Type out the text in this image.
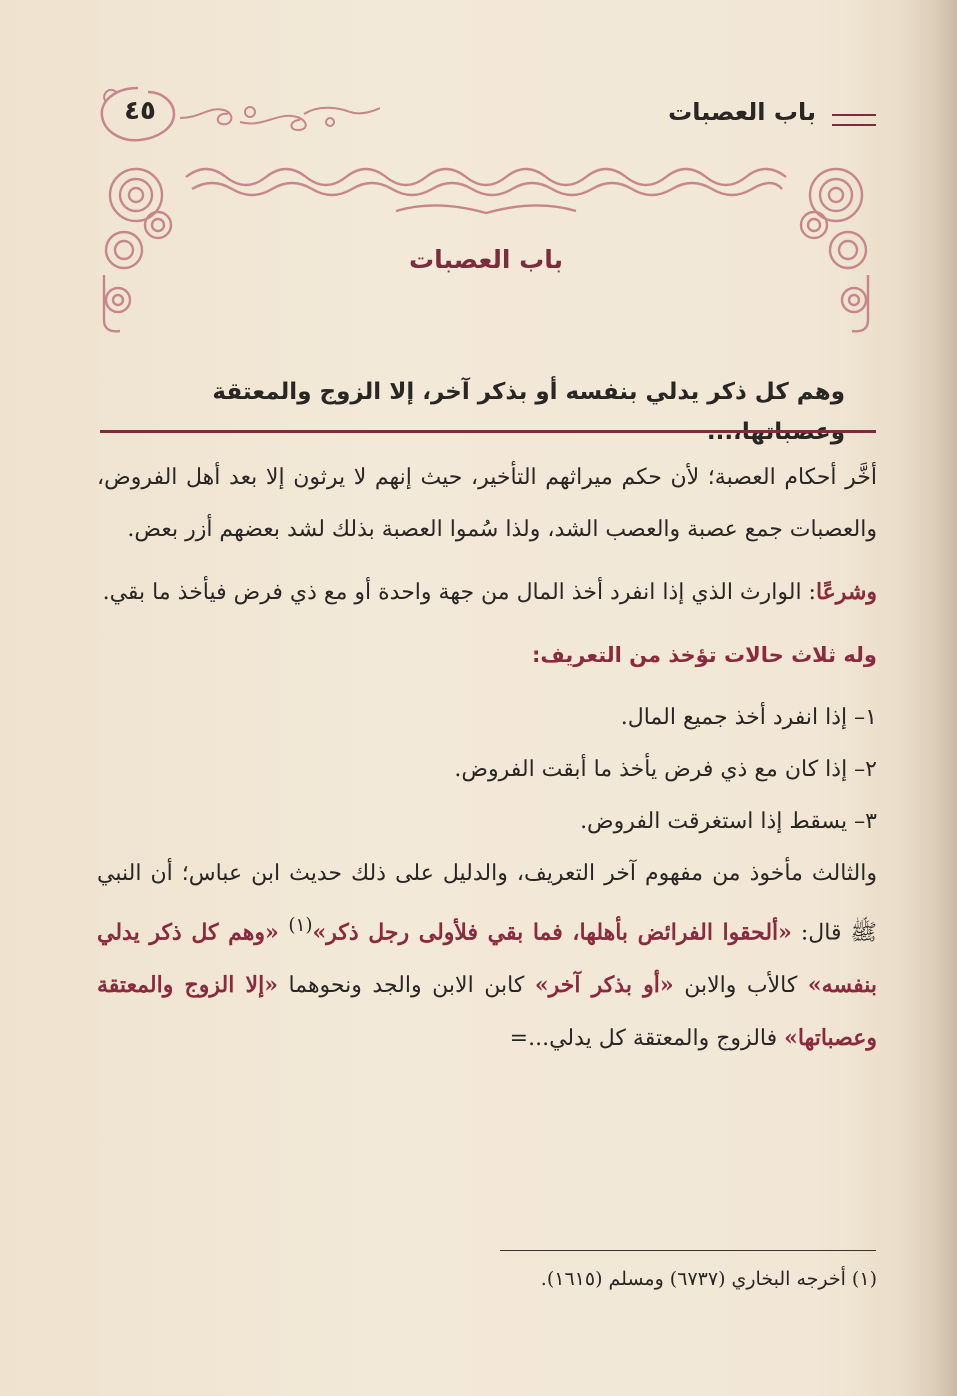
باب العصبات
٤٥
باب العصبات
وهم كل ذكر يدلي بنفسه أو بذكر آخر، إلا الزوج والمعتقة وعصباتها،...

أخَّر أحكام العصبة؛ لأن حكم ميراثهم التأخير، حيث إنهم لا يرثون إلا بعد أهل الفروض، والعصبات جمع عصبة والعصب الشد، ولذا سُموا العصبة بذلك لشد بعضهم أزر بعض.

وشرعًا: الوارث الذي إذا انفرد أخذ المال من جهة واحدة أو مع ذي فرض فيأخذ ما بقي.

وله ثلاث حالات تؤخذ من التعريف:

١– إذا انفرد أخذ جميع المال.

٢– إذا كان مع ذي فرض يأخذ ما أبقت الفروض.

٣– يسقط إذا استغرقت الفروض.

والثالث مأخوذ من مفهوم آخر التعريف، والدليل على ذلك حديث ابن عباس؛ أن النبي ﷺ قال: «ألحقوا الفرائض بأهلها، فما بقي فلأولى رجل ذكر»$^{(١)}$ «وهم كل ذكر يدلي بنفسه» كالأب والابن «أو بذكر آخر» كابن الابن والجد ونحوهما «إلا الزوج والمعتقة وعصباتها» فالزوج والمعتقة كل يدلي...=

(١) أخرجه البخاري (٦٧٣٧) ومسلم (١٦١٥).
